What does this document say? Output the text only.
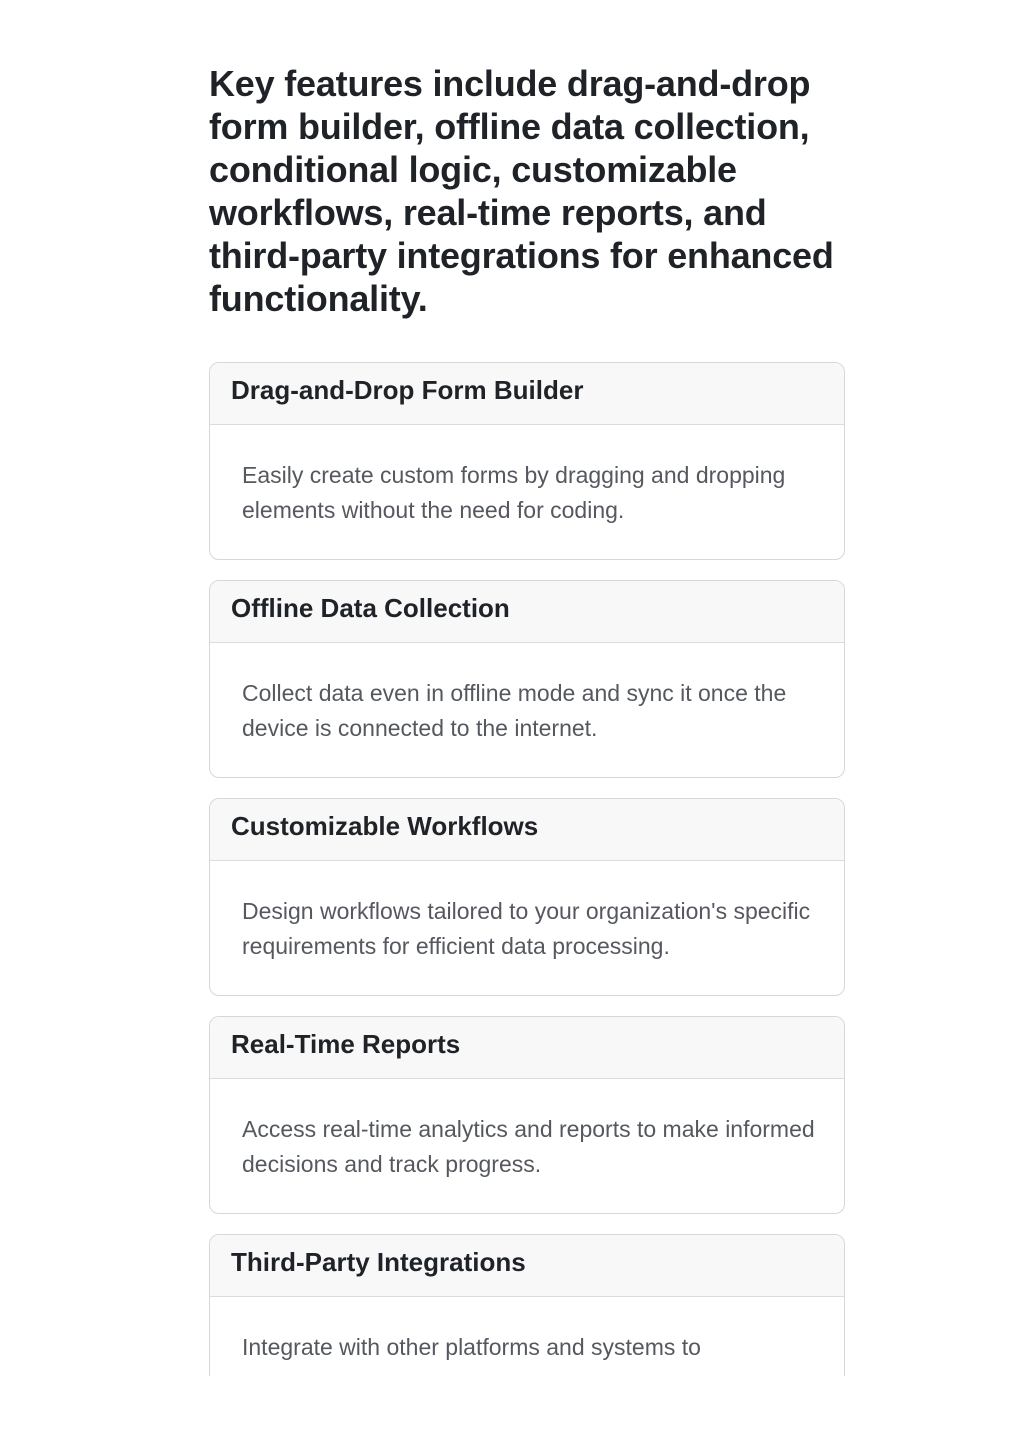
Key features include drag-and-drop form builder, offline data collection, conditional logic, customizable workflows, real-time reports, and third-party integrations for enhanced functionality.
Drag-and-Drop Form Builder

Easily create custom forms by dragging and dropping elements without the need for coding.

Offline Data Collection

Collect data even in offline mode and sync it once the device is connected to the internet.

Customizable Workflows

Design workflows tailored to your organization's specific requirements for efficient data processing.

Real-Time Reports

Access real-time analytics and reports to make informed decisions and track progress.

Third-Party Integrations

Integrate with other platforms and systems to
